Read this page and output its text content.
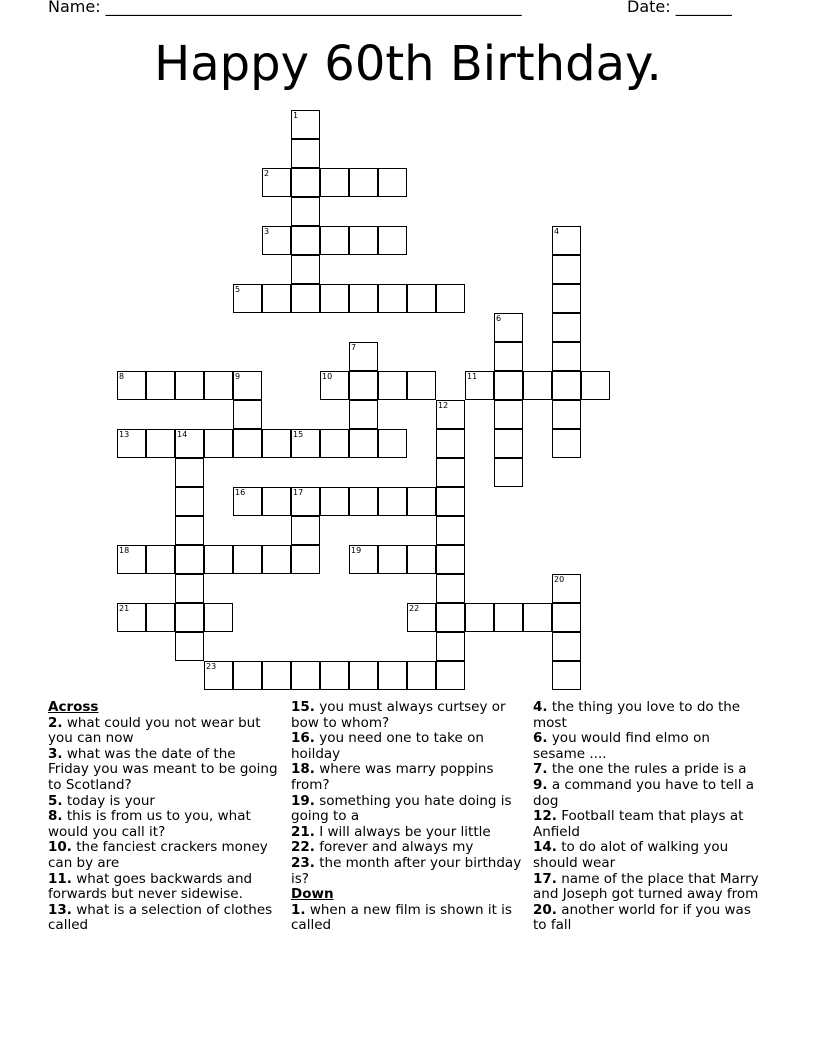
Name: ____________________________________________________	Date: _______
Happy 60th Birthday.
1
2
3	4
5
6
7
8	9	10	11
12
13	14	15
16	17
18	19
20
21	22
23
Across
2. what could you not wear but you can now
3. what was the date of the Friday you was meant to be going to Scotland?
5. today is your
8. this is from us to you, what would you call it?
10. the fanciest crackers money can by are
11. what goes backwards and forwards but never sidewise.
13. what is a selection of clothes called
15. you must always curtsey or bow to whom?
16. you need one to take on hoilday
18. where was marry poppins from?
19. something you hate doing is going to a
21. I will always be your little
22. forever and always my
23. the month after your birthday is?
Down
1. when a new film is shown it is called
4. the thing you love to do the most
6. you would find elmo on sesame ....
7. the one the rules a pride is a
9. a command you have to tell a dog
12. Football team that plays at Anfield
14. to do alot of walking you should wear
17. name of the place that Marry and Joseph got turned away from
20. another world for if you was to fall
